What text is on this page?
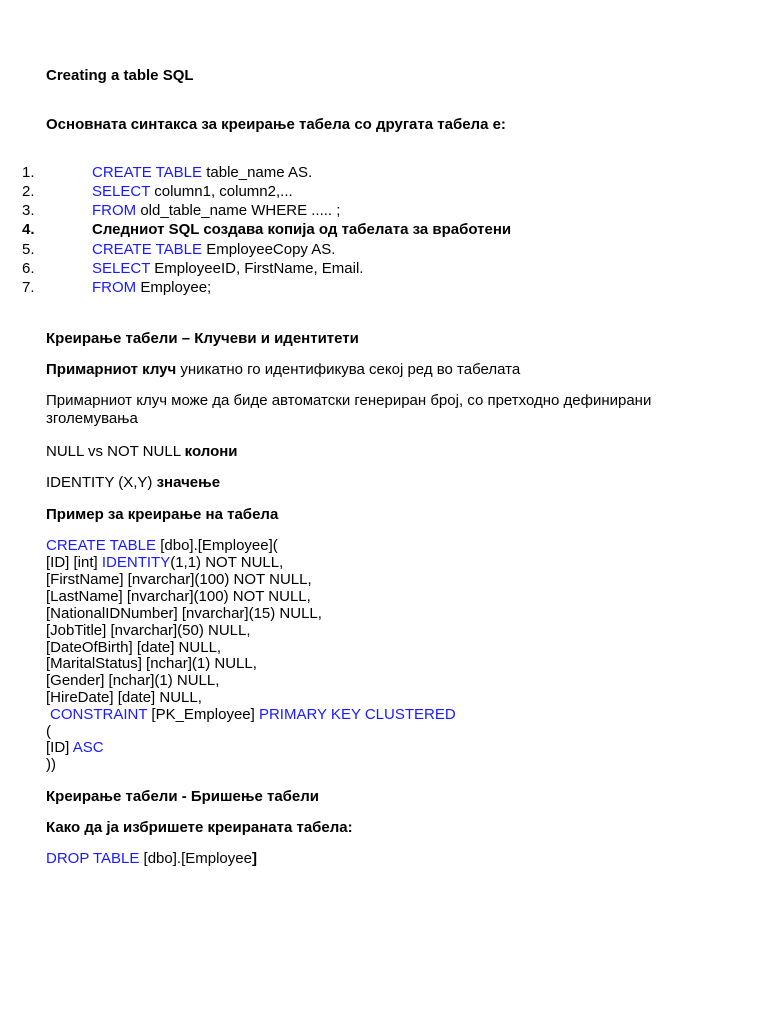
Creating a table SQL
Основната синтакса за креирање табела со другата табела е:
1.	CREATE TABLE table_name AS.
2.	SELECT column1, column2,...
3.	FROM old_table_name WHERE ..... ;
4.	Следниот SQL создава копија од табелата за вработени
5.	CREATE TABLE EmployeeCopy AS.
6.	SELECT EmployeeID, FirstName, Email.
7.	FROM Employee;
Креирање табели – Клучеви и идентитети
Примарниот клуч уникатно го идентификува секој ред во табелата
Примарниот клуч може да биде автоматски генериран број, со претходно дефинирани зголемувања
NULL vs NOT NULL колони
IDENTITY (X,Y) значење
Пример за креирање на табела
CREATE TABLE [dbo].[Employee](
[ID] [int] IDENTITY(1,1) NOT NULL,
[FirstName] [nvarchar](100) NOT NULL,
[LastName] [nvarchar](100) NOT NULL,
[NationalIDNumber] [nvarchar](15) NULL,
[JobTitle] [nvarchar](50) NULL,
[DateOfBirth] [date] NULL,
[MaritalStatus] [nchar](1) NULL,
[Gender] [nchar](1) NULL,
[HireDate] [date] NULL,
CONSTRAINT [PK_Employee] PRIMARY KEY CLUSTERED
(
[ID] ASC
))
Креирање табели - Бришење табели
Како да ја избришете креираната табела:
DROP TABLE [dbo].[Employee]
